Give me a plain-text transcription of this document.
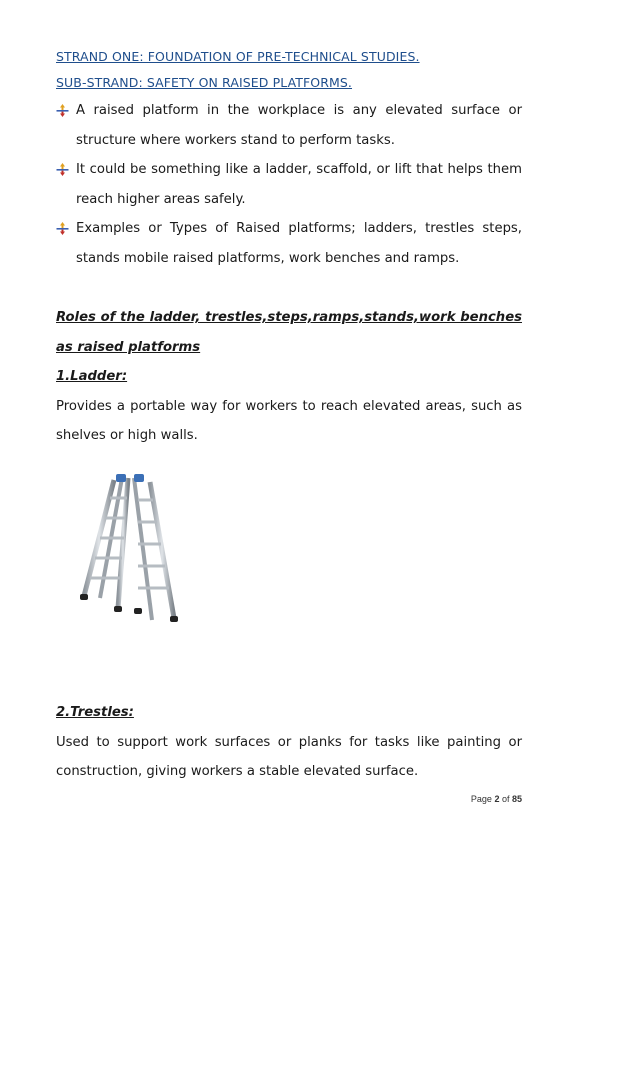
STRAND ONE: FOUNDATION OF PRE-TECHNICAL STUDIES.
SUB-STRAND: SAFETY ON RAISED PLATFORMS.
A raised platform in the workplace is any elevated surface or structure where workers stand to perform tasks.
It could be something like a ladder, scaffold, or lift that helps them reach higher areas safely.
Examples or Types of Raised platforms; ladders, trestles steps, stands mobile raised platforms, work benches and ramps.
Roles of the ladder, trestles,steps,ramps,stands,work benches as raised platforms
1.Ladder:
Provides a portable way for workers to reach elevated areas, such as shelves or high walls.
2.Trestles:
Used to support work surfaces or planks for tasks like painting or construction, giving workers a stable elevated surface.
Page 2 of 85
